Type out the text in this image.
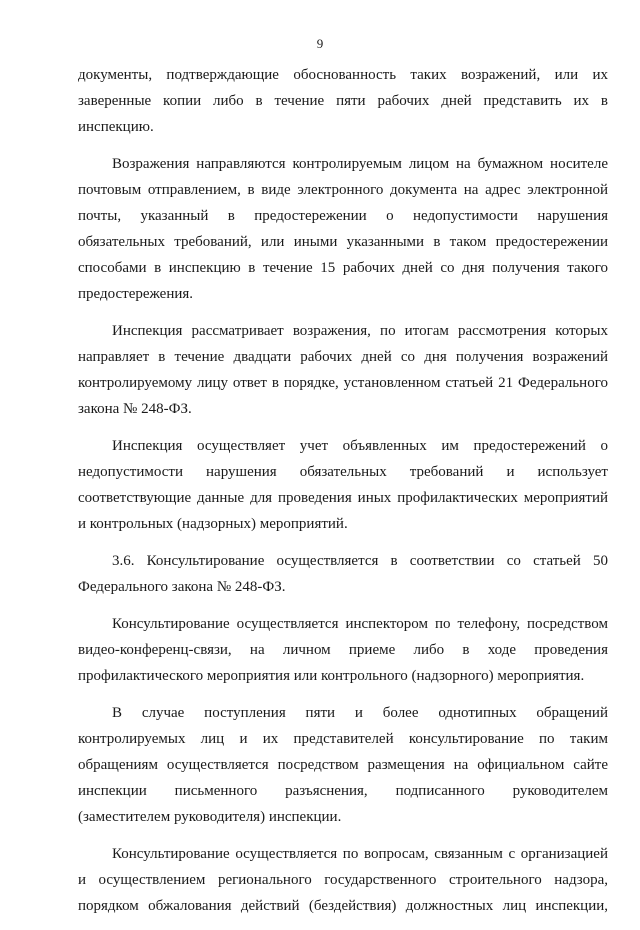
9

документы, подтверждающие обоснованность таких возражений, или их
заверенные копии либо в течение пяти рабочих дней представить их в
инспекцию.

Возражения направляются контролируемым лицом на бумажном носителе
почтовым отправлением, в виде электронного документа на адрес электронной
почты, указанный в предостережении о недопустимости нарушения
обязательных требований, или иными указанными в таком предостережении
способами в инспекцию в течение 15 рабочих дней со дня получения такого
предостережения.

Инспекция рассматривает возражения, по итогам рассмотрения которых
направляет в течение двадцати рабочих дней со дня получения возражений
контролируемому лицу ответ в порядке, установленном статьей 21 Федерального
закона № 248-ФЗ.

Инспекция осуществляет учет объявленных им предостережений о
недопустимости нарушения обязательных требований и использует
соответствующие данные для проведения иных профилактических мероприятий
и контрольных (надзорных) мероприятий.

3.6. Консультирование осуществляется в соответствии со статьей 50
Федерального закона № 248-ФЗ.

Консультирование осуществляется инспектором по телефону, посредством
видео-конференц-связи, на личном приеме либо в ходе проведения
профилактического мероприятия или контрольного (надзорного) мероприятия.

В случае поступления пяти и более однотипных обращений
контролируемых лиц и их представителей консультирование по таким
обращениям осуществляется посредством размещения на официальном сайте
инспекции письменного разъяснения, подписанного руководителем
(заместителем руководителя) инспекции.

Консультирование осуществляется по вопросам, связанным с организацией
и осуществлением регионального государственного строительного надзора,
порядком обжалования действий (бездействия) должностных лиц инспекции,
